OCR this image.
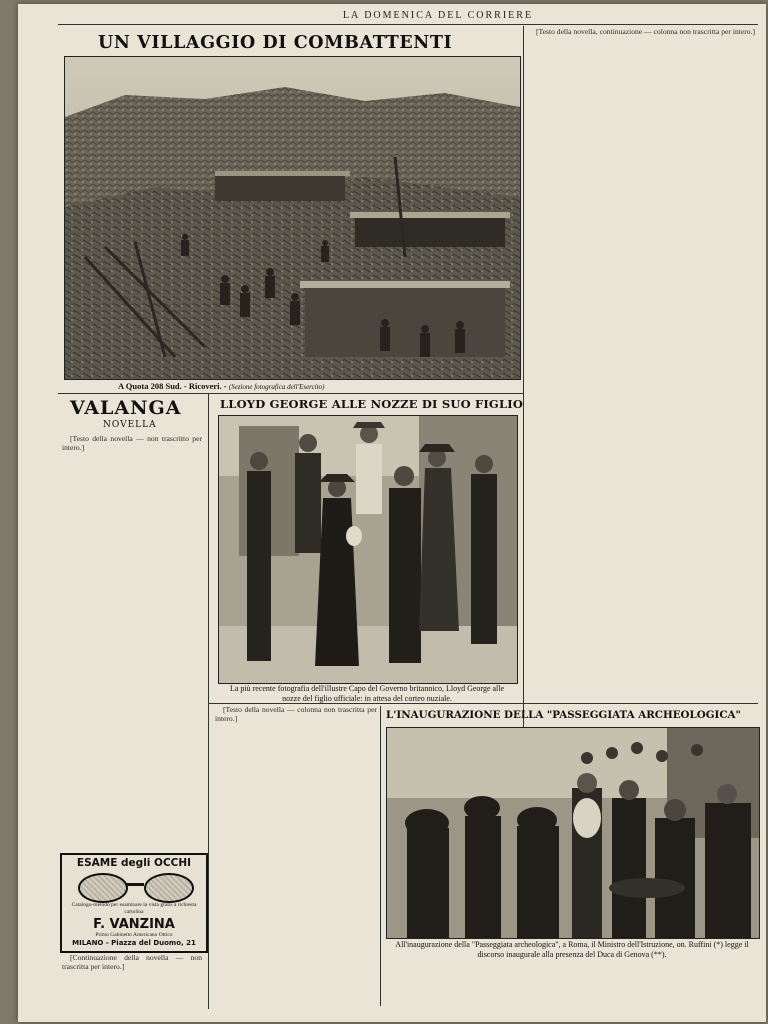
LA DOMENICA DEL CORRIERE
UN VILLAGGIO DI COMBATTENTI
A Quota 208 Sud. - Ricoveri. - (Sezione fotografica dell'Esercito)

[Testo della novella, continuazione — colonna non trascritta per intero.]

VALANGA
NOVELLA

[Testo della novella — non trascritto per intero.]

ESAME degli OCCHI
Catalogo-metodo per esaminare la vista gratis a richiesta cartolina
F. VANZINA
Primo Gabinetto Americano Ottico
MILANO - Piazza del Duomo, 21

[Continuazione della novella — non trascritta per intero.]

LLOYD GEORGE ALLE NOZZE DI SUO FIGLIO
La più recente fotografia dell'illustre Capo del Governo britannico, Lloyd George alle nozze del figlio ufficiale: in attesa del corteo nuziale.

[Testo della novella — colonna non trascritta per intero.]	L'INAUGURAZIONE DELLA "PASSEGGIATA ARCHEOLOGICA"
All'inaugurazione della "Passeggiata archeologica", a Roma, il Ministro dell'Istruzione, on. Ruffini (*) legge il discorso inaugurale alla presenza del Duca di Genova (**).
